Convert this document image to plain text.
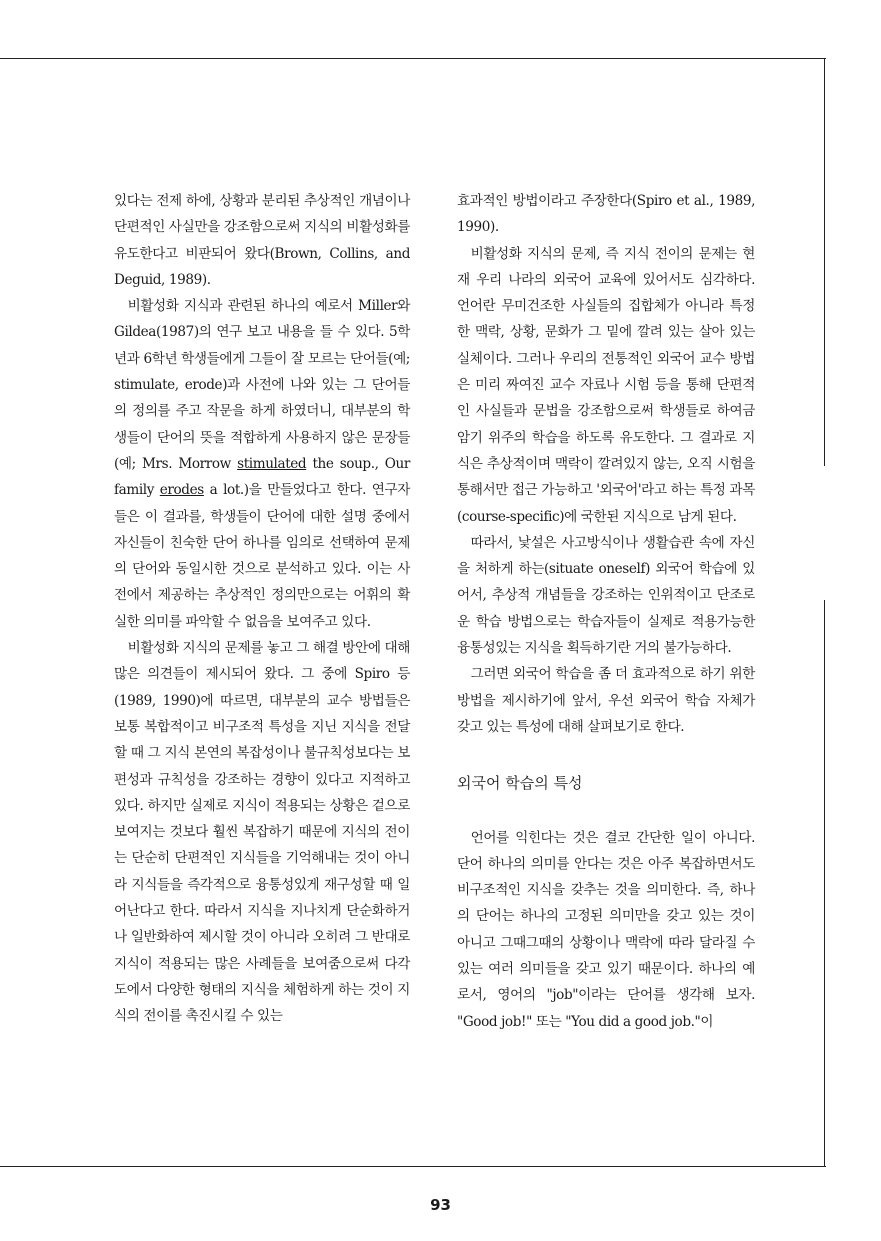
있다는 전제 하에, 상황과 분리된 추상적인 개념이나 단편적인 사실만을 강조함으로써 지식의 비활성화를 유도한다고 비판되어 왔다(Brown, Collins, and Deguid, 1989).

비활성화 지식과 관련된 하나의 예로서 Miller와 Gildea(1987)의 연구 보고 내용을 들 수 있다. 5학년과 6학년 학생들에게 그들이 잘 모르는 단어들(예; stimulate, erode)과 사전에 나와 있는 그 단어들의 정의를 주고 작문을 하게 하였더니, 대부분의 학생들이 단어의 뜻을 적합하게 사용하지 않은 문장들(예; Mrs. Morrow stimulated the soup., Our family erodes a lot.)을 만들었다고 한다. 연구자들은 이 결과를, 학생들이 단어에 대한 설명 중에서 자신들이 친숙한 단어 하나를 임의로 선택하여 문제의 단어와 동일시한 것으로 분석하고 있다. 이는 사전에서 제공하는 추상적인 정의만으로는 어휘의 확실한 의미를 파악할 수 없음을 보여주고 있다.

비활성화 지식의 문제를 놓고 그 해결 방안에 대해 많은 의견들이 제시되어 왔다. 그 중에 Spiro 등(1989, 1990)에 따르면, 대부분의 교수 방법들은 보통 복합적이고 비구조적 특성을 지닌 지식을 전달할 때 그 지식 본연의 복잡성이나 불규칙성보다는 보편성과 규칙성을 강조하는 경향이 있다고 지적하고 있다. 하지만 실제로 지식이 적용되는 상황은 겉으로 보여지는 것보다 훨씬 복잡하기 때문에 지식의 전이는 단순히 단편적인 지식들을 기억해내는 것이 아니라 지식들을 즉각적으로 융통성있게 재구성할 때 일어난다고 한다. 따라서 지식을 지나치게 단순화하거나 일반화하여 제시할 것이 아니라 오히려 그 반대로 지식이 적용되는 많은 사례들을 보여줌으로써 다각도에서 다양한 형태의 지식을 체험하게 하는 것이 지식의 전이를 촉진시킬 수 있는

효과적인 방법이라고 주장한다(Spiro et al., 1989, 1990).

비활성화 지식의 문제, 즉 지식 전이의 문제는 현재 우리 나라의 외국어 교육에 있어서도 심각하다. 언어란 무미건조한 사실들의 집합체가 아니라 특정한 맥락, 상황, 문화가 그 밑에 깔려 있는 살아 있는 실체이다. 그러나 우리의 전통적인 외국어 교수 방법은 미리 짜여진 교수 자료나 시험 등을 통해 단편적인 사실들과 문법을 강조함으로써 학생들로 하여금 암기 위주의 학습을 하도록 유도한다. 그 결과로 지식은 추상적이며 맥락이 깔려있지 않는, 오직 시험을 통해서만 접근 가능하고 '외국어'라고 하는 특정 과목(course-specific)에 국한된 지식으로 남게 된다.

따라서, 낯설은 사고방식이나 생활습관 속에 자신을 처하게 하는(situate oneself) 외국어 학습에 있어서, 추상적 개념들을 강조하는 인위적이고 단조로운 학습 방법으로는 학습자들이 실제로 적용가능한 융통성있는 지식을 획득하기란 거의 불가능하다.

그러면 외국어 학습을 좀 더 효과적으로 하기 위한 방법을 제시하기에 앞서, 우선 외국어 학습 자체가 갖고 있는 특성에 대해 살펴보기로 한다.

외국어 학습의 특성

언어를 익힌다는 것은 결코 간단한 일이 아니다. 단어 하나의 의미를 안다는 것은 아주 복잡하면서도 비구조적인 지식을 갖추는 것을 의미한다. 즉, 하나의 단어는 하나의 고정된 의미만을 갖고 있는 것이 아니고 그때그때의 상황이나 맥락에 따라 달라질 수 있는 여러 의미들을 갖고 있기 때문이다. 하나의 예로서, 영어의 "job"이라는 단어를 생각해 보자. "Good job!" 또는 "You did a good job."이

93
